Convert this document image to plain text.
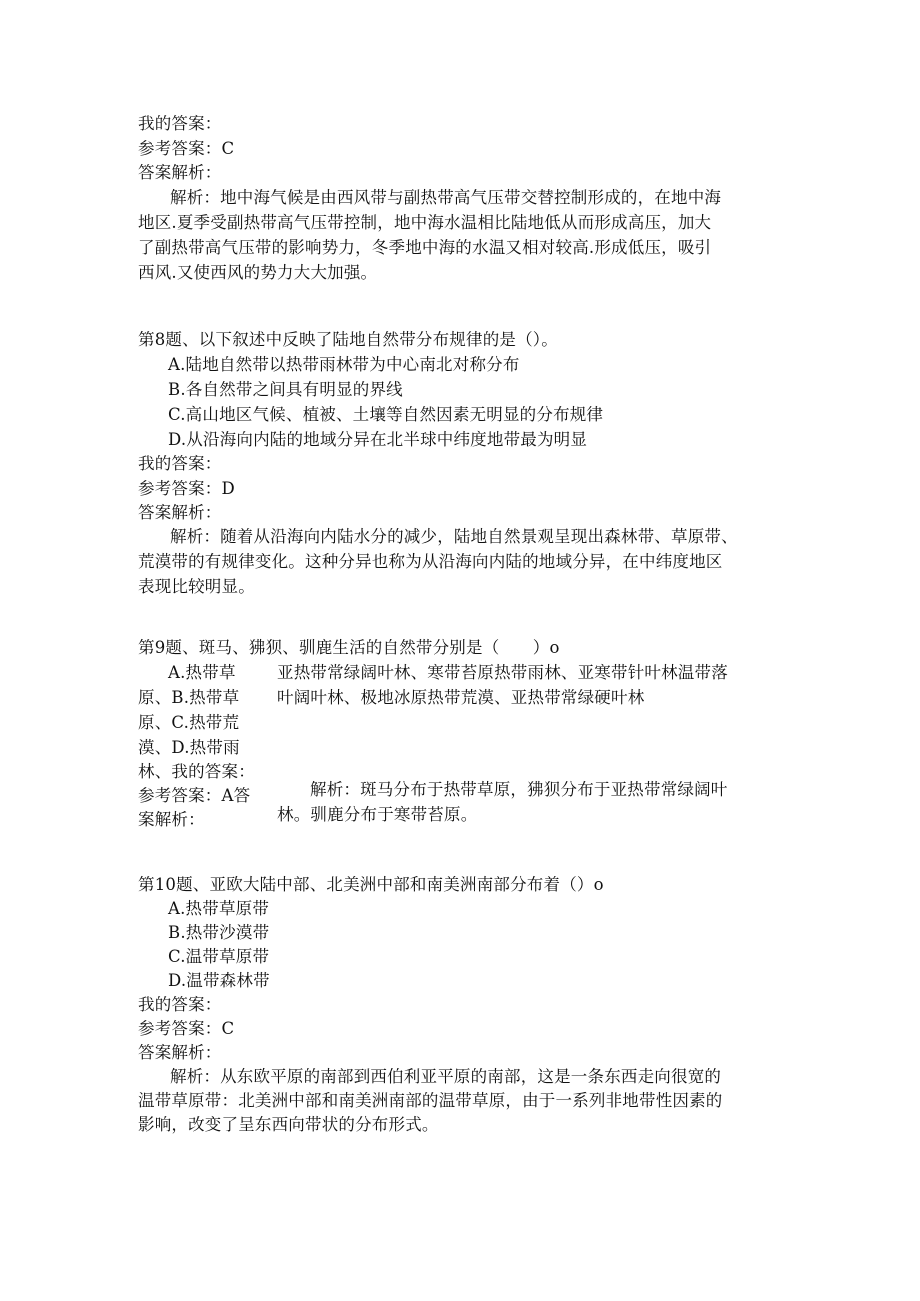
我的答案：
参考答案：C
答案解析：
解析：地中海气候是由西风带与副热带高气压带交替控制形成的，在地中海
地区.夏季受副热带高气压带控制，地中海水温相比陆地低从而形成高压，加大
了副热带高气压带的影响势力，冬季地中海的水温又相对较高.形成低压，吸引
西风.又使西风的势力大大加强。
第8题、以下叙述中反映了陆地自然带分布规律的是（）。
A.陆地自然带以热带雨林带为中心南北对称分布
B.各自然带之间具有明显的界线
C.高山地区气候、植被、土壤等自然因素无明显的分布规律
D.从沿海向内陆的地域分异在北半球中纬度地带最为明显
我的答案：
参考答案：D
答案解析：
解析：随着从沿海向内陆水分的减少，陆地自然景观呈现出森林带、草原带、
荒漠带的有规律变化。这种分异也称为从沿海向内陆的地域分异，在中纬度地区
表现比较明显。
第9题、斑马、狒狈、驯鹿生活的自然带分别是（　　）o
A.热带草
原、B.热带草
原、C.热带荒
漠、D.热带雨
林、我的答案：
参考答案：A答
案解析：
亚热带常绿阔叶林、寒带苔原热带雨林、亚寒带针叶林温带落
叶阔叶林、极地冰原热带荒漠、亚热带常绿硬叶林
解析：斑马分布于热带草原，狒狈分布于亚热带常绿阔叶
林。驯鹿分布于寒带苔原。
第10题、亚欧大陆中部、北美洲中部和南美洲南部分布着（）o
A.热带草原带
B.热带沙漠带
C.温带草原带
D.温带森林带
我的答案：
参考答案：C
答案解析：
解析：从东欧平原的南部到西伯利亚平原的南部，这是一条东西走向很宽的
温带草原带：北美洲中部和南美洲南部的温带草原，由于一系列非地带性因素的
影响，改变了呈东西向带状的分布形式。
